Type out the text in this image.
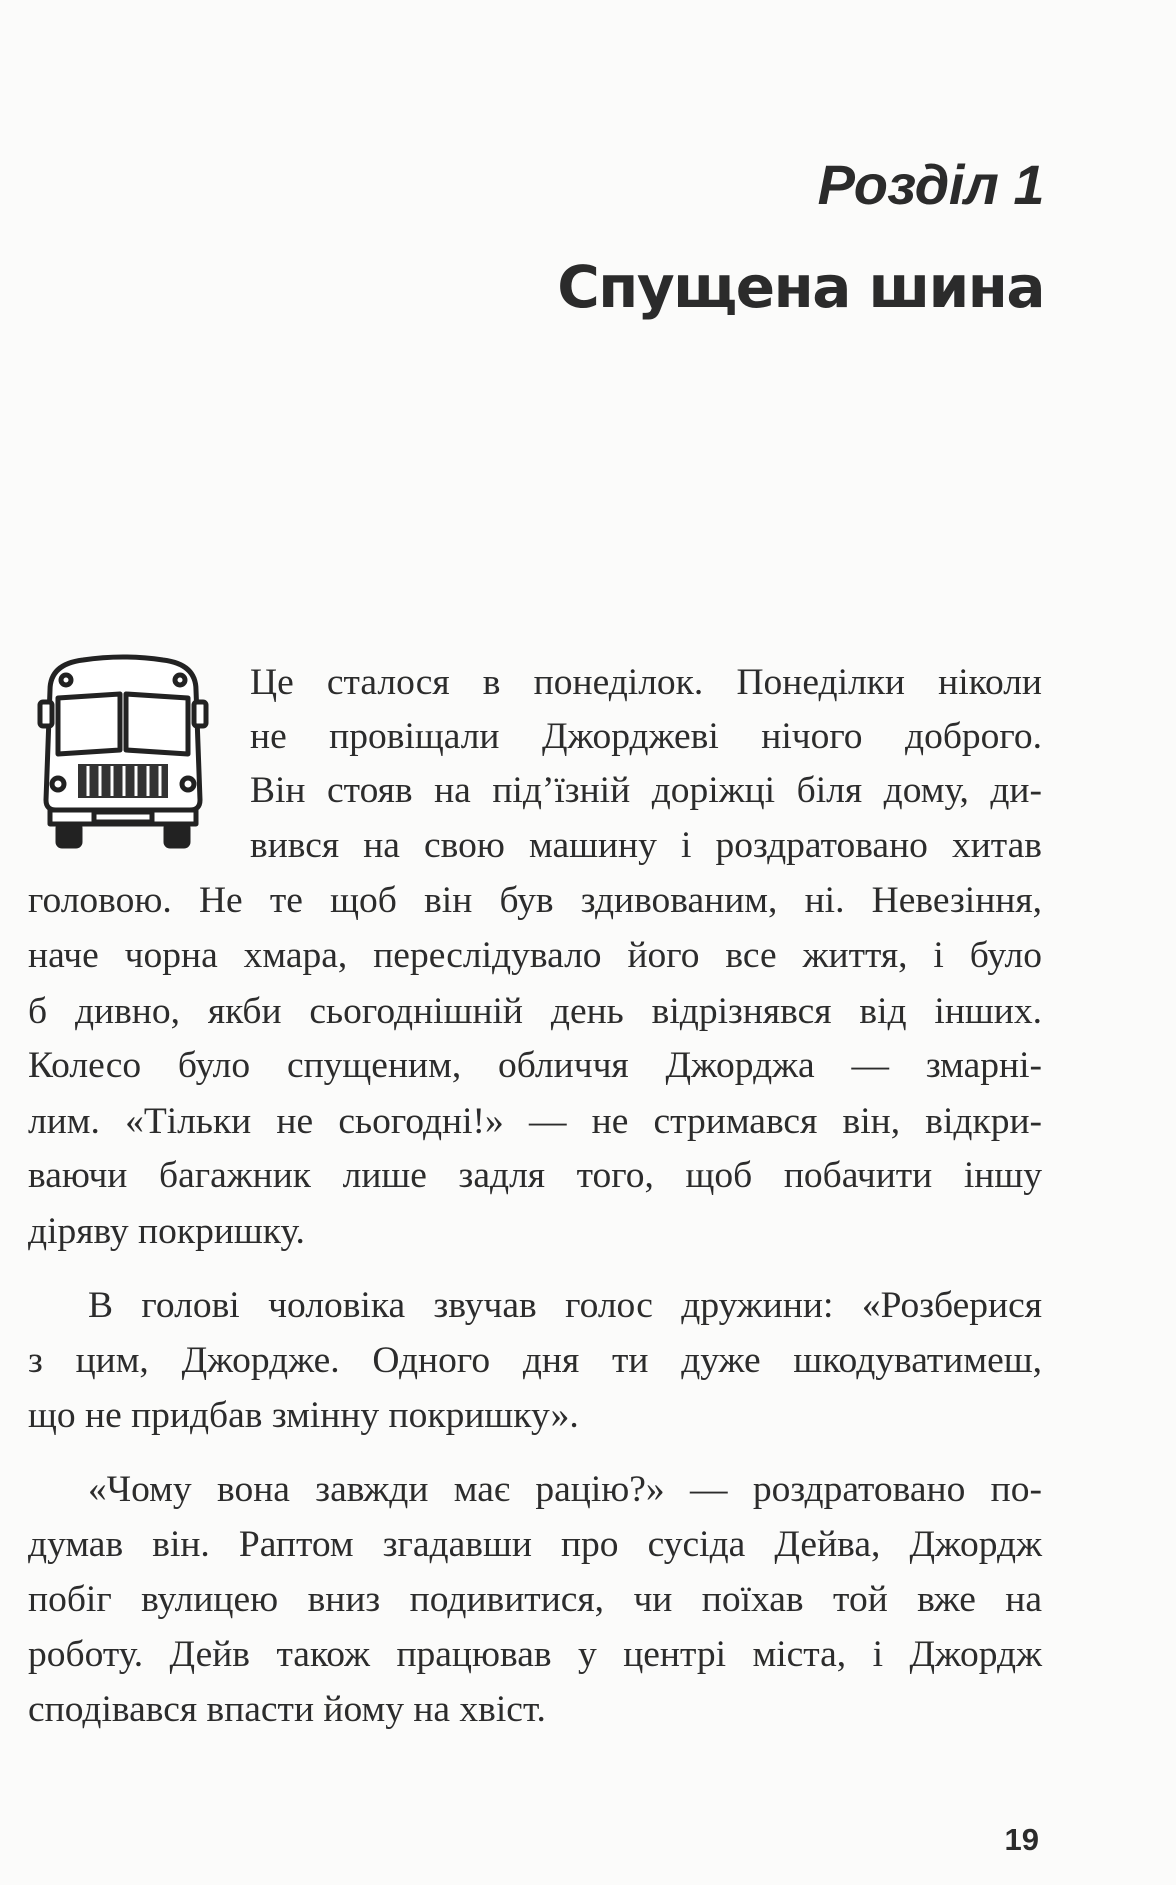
Розділ 1
Спущена шина
Це сталося в понеділок. Понеділки ніколи
не провіщали Джорджеві нічого доброго.
Він стояв на під’їзній доріжці біля дому, ди-
вився на свою машину і роздратовано хитав
головою. Не те щоб він був здивованим, ні. Невезіння,
наче чорна хмара, переслідувало його все життя, і було
б дивно, якби сьогоднішній день відрізнявся від інших.
Колесо було спущеним, обличчя Джорджа — змарні-
лим. «Тільки не сьогодні!» — не стримався він, відкри-
ваючи багажник лише задля того, щоб побачити іншу
діряву покришку.
В голові чоловіка звучав голос дружини: «Розберися
з цим, Джордже. Одного дня ти дуже шкодуватимеш,
що не придбав змінну покришку».
«Чому вона завжди має рацію?» — роздратовано по-
думав він. Раптом згадавши про сусіда Дейва, Джордж
побіг вулицею вниз подивитися, чи поїхав той вже на
роботу. Дейв також працював у центрі міста, і Джордж
сподівався впасти йому на хвіст.
19
